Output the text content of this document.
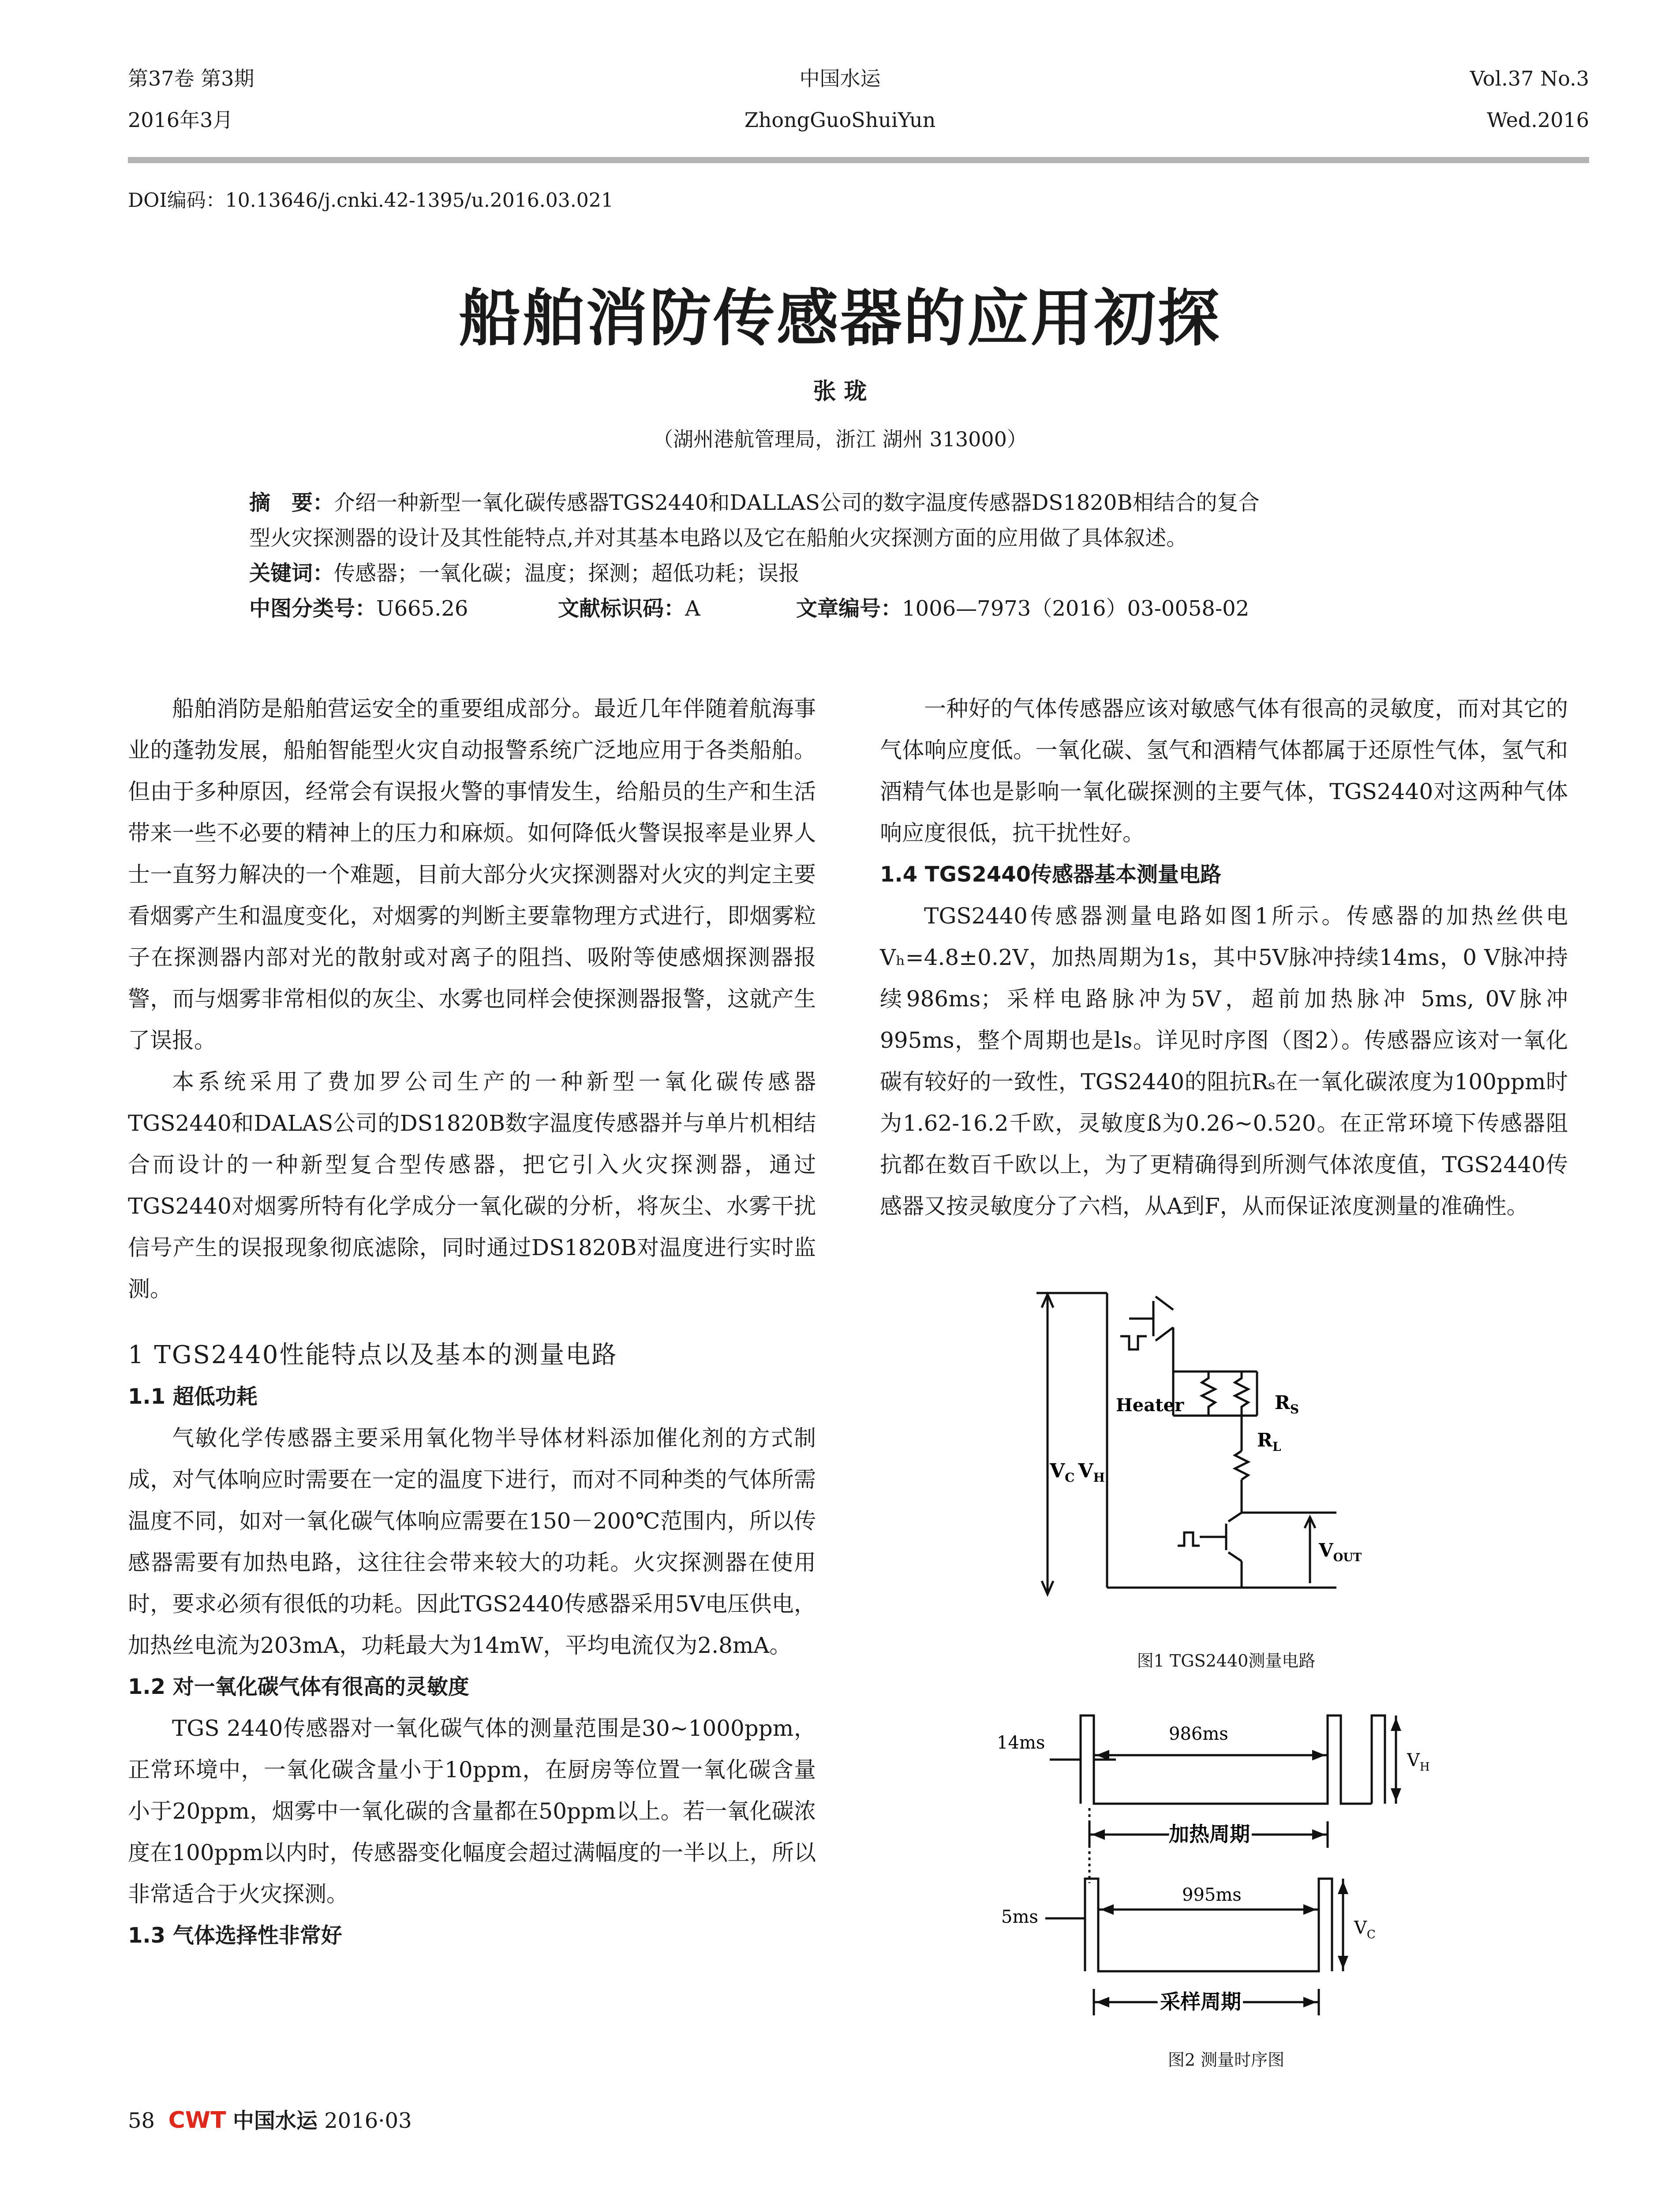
第37卷 第3期
2016年3月
中国水运
ZhongGuoShuiYun
Vol.37 No.3
Wed.2016
DOI编码：10.13646/j.cnki.42-1395/u.2016.03.021
船舶消防传感器的应用初探
张 珑
（湖州港航管理局，浙江 湖州 313000）
摘　要：介绍一种新型一氧化碳传感器TGS2440和DALLAS公司的数字温度传感器DS1820B相结合的复合
型火灾探测器的设计及其性能特点,并对其基本电路以及它在船舶火灾探测方面的应用做了具体叙述。
关键词：传感器；一氧化碳；温度；探测；超低功耗；误报
中图分类号：U665.26	文献标识码：A	文章编号：1006—7973（2016）03-0058-02

船舶消防是船舶营运安全的重要组成部分。最近几年伴随着航海事业的蓬勃发展，船舶智能型火灾自动报警系统广泛地应用于各类船舶。但由于多种原因，经常会有误报火警的事情发生，给船员的生产和生活带来一些不必要的精神上的压力和麻烦。如何降低火警误报率是业界人士一直努力解决的一个难题，目前大部分火灾探测器对火灾的判定主要看烟雾产生和温度变化，对烟雾的判断主要靠物理方式进行，即烟雾粒子在探测器内部对光的散射或对离子的阻挡、吸附等使感烟探测器报警，而与烟雾非常相似的灰尘、水雾也同样会使探测器报警，这就产生了误报。

本系统采用了费加罗公司生产的一种新型一氧化碳传感器TGS2440和DALAS公司的DS1820B数字温度传感器并与单片机相结合而设计的一种新型复合型传感器，把它引入火灾探测器，通过TGS2440对烟雾所特有化学成分一氧化碳的分析，将灰尘、水雾干扰信号产生的误报现象彻底滤除，同时通过DS1820B对温度进行实时监测。

1 TGS2440性能特点以及基本的测量电路
1.1 超低功耗

气敏化学传感器主要采用氧化物半导体材料添加催化剂的方式制成，对气体响应时需要在一定的温度下进行，而对不同种类的气体所需温度不同，如对一氧化碳气体响应需要在150－200℃范围内，所以传感器需要有加热电路，这往往会带来较大的功耗。火灾探测器在使用时，要求必须有很低的功耗。因此TGS2440传感器采用5V电压供电，加热丝电流为203mA，功耗最大为14mW，平均电流仅为2.8mA。

1.2 对一氧化碳气体有很高的灵敏度

TGS 2440传感器对一氧化碳气体的测量范围是30~1000ppm，正常环境中，一氧化碳含量小于10ppm，在厨房等位置一氧化碳含量小于20ppm，烟雾中一氧化碳的含量都在50ppm以上。若一氧化碳浓度在100ppm以内时，传感器变化幅度会超过满幅度的一半以上，所以非常适合于火灾探测。

1.3 气体选择性非常好

一种好的气体传感器应该对敏感气体有很高的灵敏度，而对其它的气体响应度低。一氧化碳、氢气和酒精气体都属于还原性气体，氢气和酒精气体也是影响一氧化碳探测的主要气体，TGS2440对这两种气体响应度很低，抗干扰性好。

1.4 TGS2440传感器基本测量电路

TGS2440传感器测量电路如图1所示。传感器的加热丝供电Vₕ=4.8±0.2V，加热周期为1s，其中5V脉冲持续14ms，0 V脉冲持续986ms；采样电路脉冲为5V，超前加热脉冲 5ms, 0V脉冲995ms，整个周期也是ls。详见时序图（图2）。传感器应该对一氧化碳有较好的一致性，TGS2440的阻抗Rₛ在一氧化碳浓度为100ppm时为1.62-16.2千欧，灵敏度ß为0.26~0.520。在正常环境下传感器阻抗都在数百千欧以上，为了更精确得到所测气体浓度值，TGS2440传感器又按灵敏度分了六档，从A到F，从而保证浓度测量的准确性。

Heater	$R_S$
$R_L$
$V_C$ $V_H$
$V_{OUT}$
图1 TGS2440测量电路
986ms
14ms
$V_H$
加热周期
995ms
5ms
$V_C$
采样周期
图2 测量时序图
58 CWT 中国水运 2016·03
